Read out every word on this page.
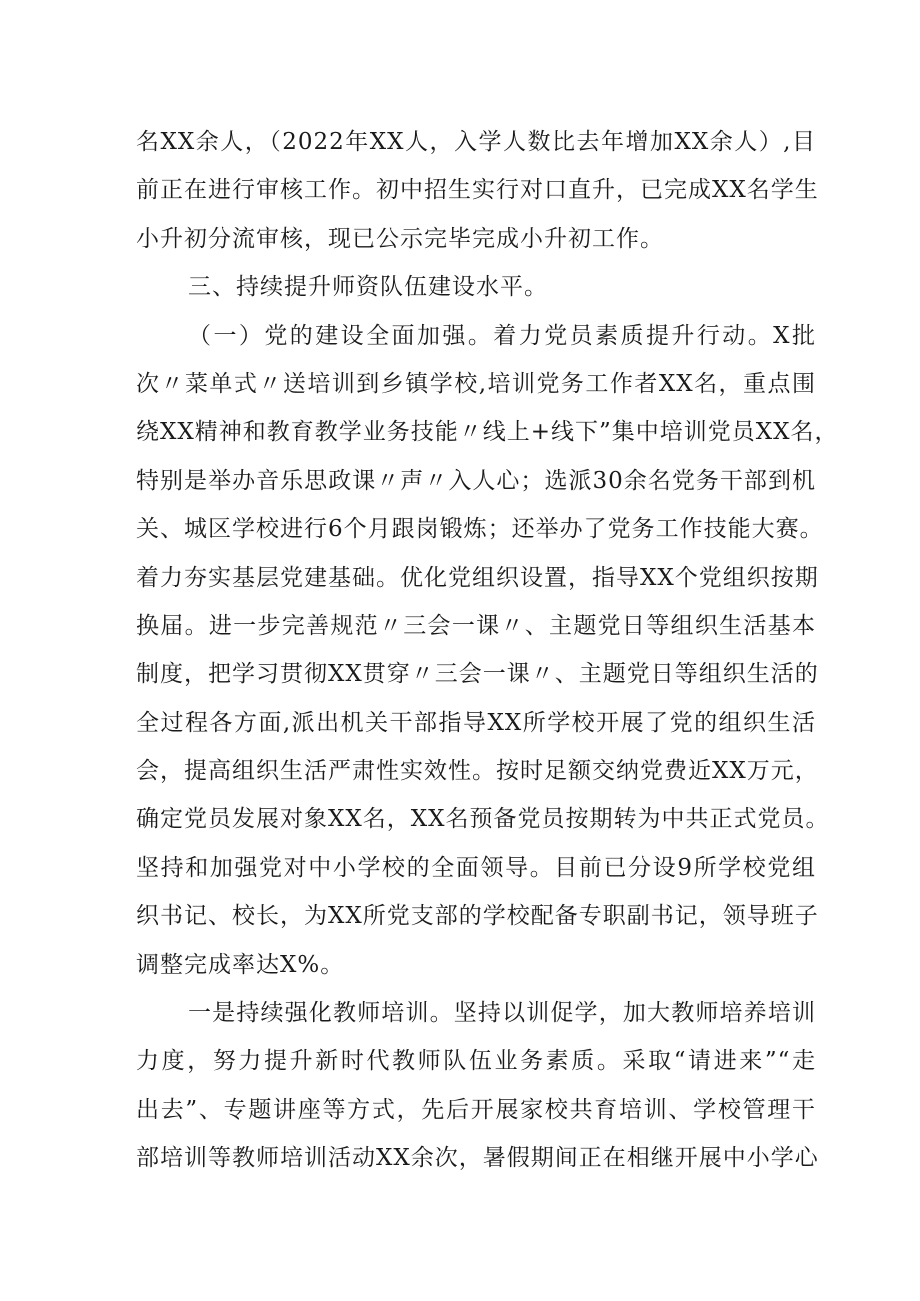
名XX余人，（2022年XX人，入学人数比去年增加XX余人）,目
前正在进行审核工作。初中招生实行对口直升，已完成XX名学生
小升初分流审核，现已公示完毕完成小升初工作。
三、持续提升师资队伍建设水平。
（一）党的建设全面加强。着力党员素质提升行动。X批
次〃菜单式〃送培训到乡镇学校,培训党务工作者XX名，重点围
绕XX精神和教育教学业务技能〃线上+线下”集中培训党员XX名，
特别是举办音乐思政课〃声〃入人心；选派30余名党务干部到机
关、城区学校进行6个月跟岗锻炼；还举办了党务工作技能大赛。
着力夯实基层党建基础。优化党组织设置，指导XX个党组织按期
换届。进一步完善规范〃三会一课〃、主题党日等组织生活基本
制度，把学习贯彻XX贯穿〃三会一课〃、主题党日等组织生活的
全过程各方面,派出机关干部指导XX所学校开展了党的组织生活
会，提高组织生活严肃性实效性。按时足额交纳党费近XX万元，
确定党员发展对象XX名，XX名预备党员按期转为中共正式党员。
坚持和加强党对中小学校的全面领导。目前已分设9所学校党组
织书记、校长，为XX所党支部的学校配备专职副书记，领导班子
调整完成率达X%。
一是持续强化教师培训。坚持以训促学，加大教师培养培训
力度，努力提升新时代教师队伍业务素质。采取“请进来”“走
出去”、专题讲座等方式，先后开展家校共育培训、学校管理干
部培训等教师培训活动XX余次，暑假期间正在相继开展中小学心
